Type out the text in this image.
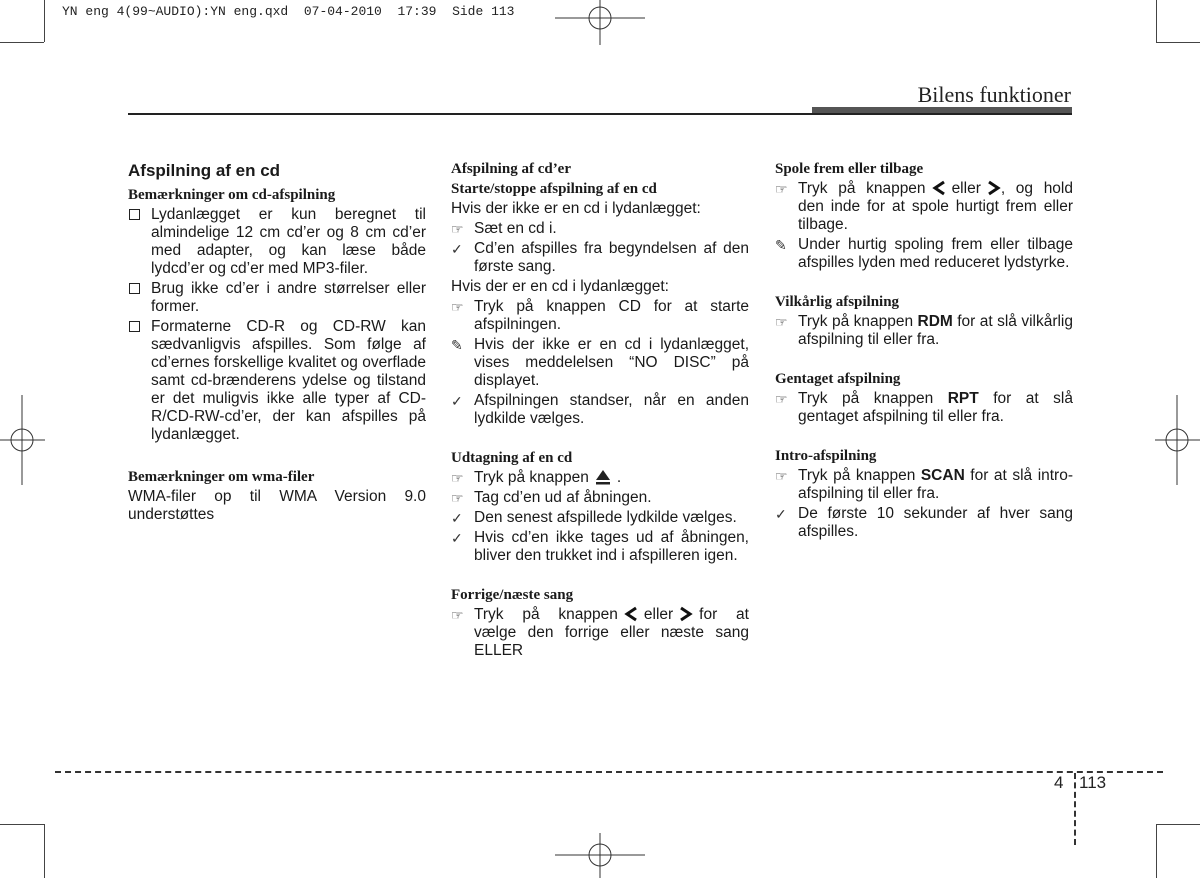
YN eng 4(99~AUDIO):YN eng.qxd  07-04-2010  17:39  Side 113
Bilens funktioner
Afspilning af en cd
Bemærkninger om cd-afspilning
Lydanlægget er kun beregnet til almindelige 12 cm cd’er og 8 cm cd’er med adapter, og kan læse både lydcd’er og cd’er med MP3-filer.
Brug ikke cd’er i andre størrelser eller former.
Formaterne CD-R og CD-RW kan sædvanligvis afspilles. Som følge af cd’ernes forskellige kvalitet og overflade samt cd-brænderens ydelse og tilstand er det muligvis ikke alle typer af CD-R/CD-RW-cd’er, der kan afspilles på lydanlægget.
Bemærkninger om wma-filer
WMA-filer op til WMA Version 9.0 understøttes
Afspilning af cd’er
Starte/stoppe afspilning af en cd
Hvis der ikke er en cd i lydanlægget:
☞ Sæt en cd i.
✓ Cd’en afspilles fra begyndelsen af den første sang.
Hvis der er en cd i lydanlægget:
☞ Tryk på knappen CD for at starte afspilningen.
✎ Hvis der ikke er en cd i lydanlægget, vises meddelelsen “NO DISC” på displayet.
✓ Afspilningen standser, når en anden lydkilde vælges.
Udtagning af en cd
☞ Tryk på knappen .
☞ Tag cd’en ud af åbningen.
✓ Den senest afspillede lydkilde vælges.
✓ Hvis cd’en ikke tages ud af åbningen, bliver den trukket ind i afspilleren igen.
Forrige/næste sang
☞ Tryk på knappen eller for at vælge den forrige eller næste sang ELLER
Spole frem eller tilbage
☞ Tryk på knappen eller , og hold den inde for at spole hurtigt frem eller tilbage.
✎ Under hurtig spoling frem eller tilbage afspilles lyden med reduceret lydstyrke.
Vilkårlig afspilning
☞ Tryk på knappen RDM for at slå vilkårlig afspilning til eller fra.
Gentaget afspilning
☞ Tryk på knappen RPT for at slå gentaget afspilning til eller fra.
Intro-afspilning
☞ Tryk på knappen SCAN for at slå intro-afspilning til eller fra.
✓ De første 10 sekunder af hver sang afspilles.
4 113
